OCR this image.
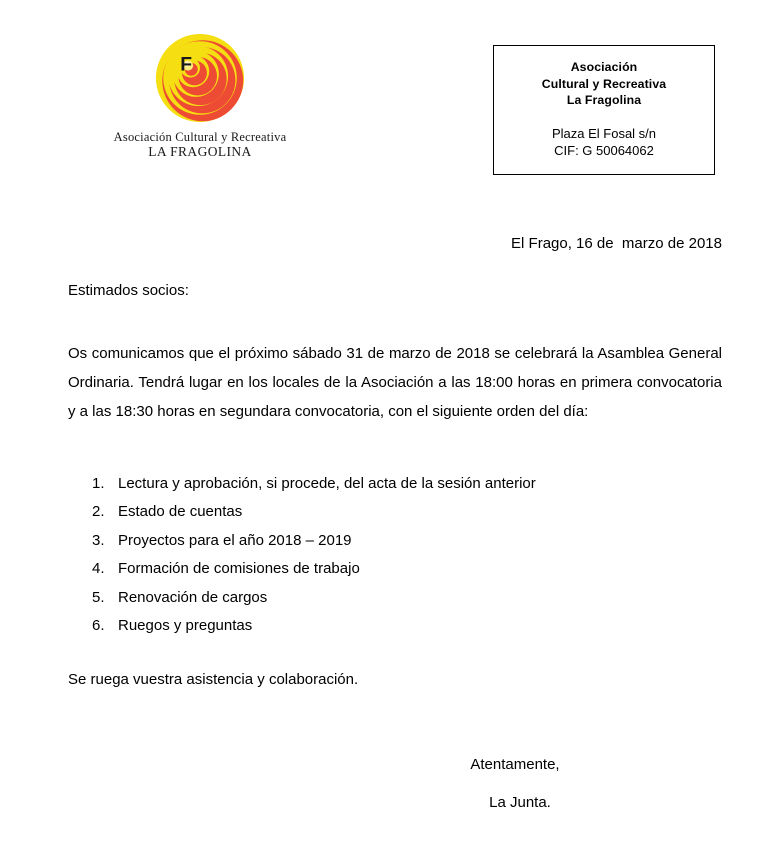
F
Asociación Cultural y Recreativa
LA FRAGOLINA
Asociación
Cultural y Recreativa
La Fragolina
Plaza El Fosal s/n
CIF: G 50064062
El Frago, 16 de  marzo de 2018
Estimados socios:
Os comunicamos que el próximo sábado 31 de marzo de 2018 se celebrará la Asamblea General Ordinaria. Tendrá lugar en los locales de la Asociación a las 18:00 horas en primera convocatoria y a las 18:30 horas en segundara convocatoria, con el siguiente orden del día:
1. Lectura y aprobación, si procede, del acta de la sesión anterior
2. Estado de cuentas
3. Proyectos para el año 2018 – 2019
4. Formación de comisiones de trabajo
5. Renovación de cargos
6. Ruegos y preguntas
Se ruega vuestra asistencia y colaboración.
Atentamente,
La Junta.
